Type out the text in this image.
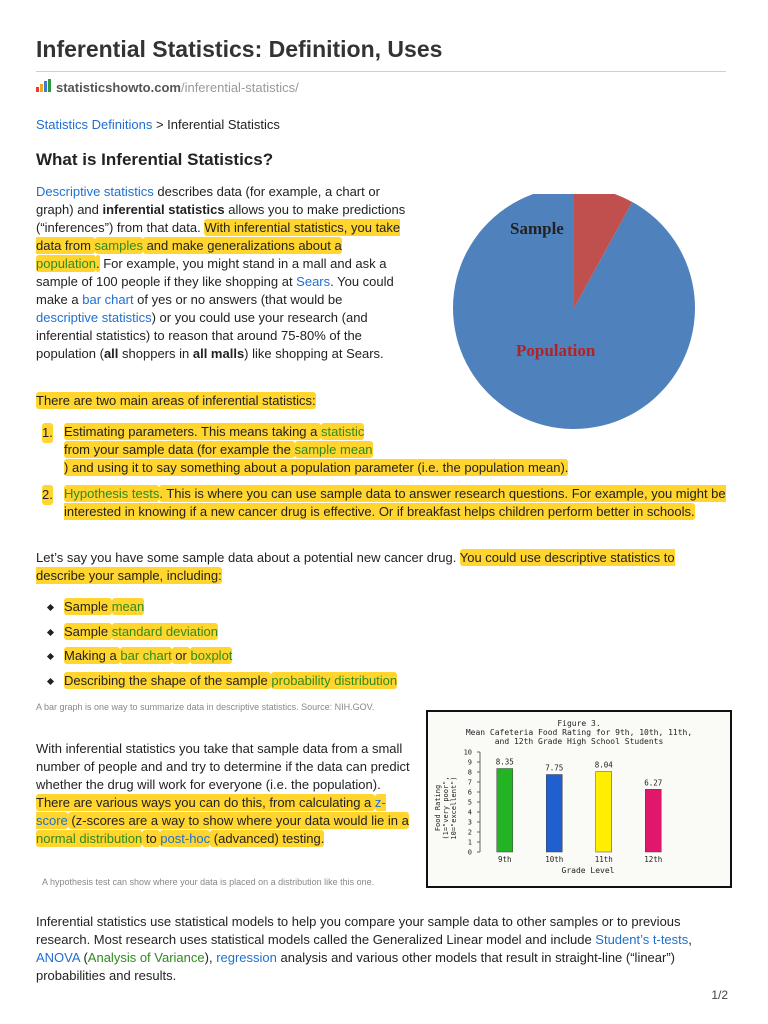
Inferential Statistics: Definition, Uses
statisticshowto.com/inferential-statistics/
Statistics Definitions > Inferential Statistics
What is Inferential Statistics?
Descriptive statistics describes data (for example, a chart or graph) and inferential statistics allows you to make predictions (“inferences”) from that data. With inferential statistics, you take data from samples and make generalizations about a population. For example, you might stand in a mall and ask a sample of 100 people if they like shopping at Sears. You could make a bar chart of yes or no answers (that would be descriptive statistics) or you could use your research (and inferential statistics) to reason that around 75-80% of the population (all shoppers in all malls) like shopping at Sears.
Sample
Population
There are two main areas of inferential statistics:
1. Estimating parameters. This means taking a statistic
from your sample data (for example the sample mean
) and using it to say something about a population parameter (i.e. the population mean).
2. Hypothesis tests. This is where you can use sample data to answer research questions. For example, you might be interested in knowing if a new cancer drug is effective. Or if breakfast helps children perform better in schools.
Let’s say you have some sample data about a potential new cancer drug. You could use descriptive statistics to describe your sample, including:
Sample mean
Sample standard deviation
Making a bar chart or boxplot
Describing the shape of the sample probability distribution
A bar graph is one way to summarize data in descriptive statistics. Source: NIH.GOV.
Figure 3.
Mean Cafeteria Food Rating for 9th, 10th, 11th,
and 12th Grade High School Students
Food Rating (1="very poor", 10="excellent")
0
1
2
3
4
5
6
7
8
9
10
8.35
9th
7.75
10th
8.04
11th
6.27
12th
Grade Level
With inferential statistics you take that sample data from a small number of people and and try to determine if the data can predict whether the drug will work for everyone (i.e. the population). There are various ways you can do this, from calculating a z-score (z-scores are a way to show where your data would lie in a normal distribution to post-hoc (advanced) testing.
A hypothesis test can show where your data is placed on a distribution like this one.
Inferential statistics use statistical models to help you compare your sample data to other samples or to previous research. Most research uses statistical models called the Generalized Linear model and include Student’s t-tests, ANOVA (Analysis of Variance), regression analysis and various other models that result in straight-line (“linear”) probabilities and results.
1/2
